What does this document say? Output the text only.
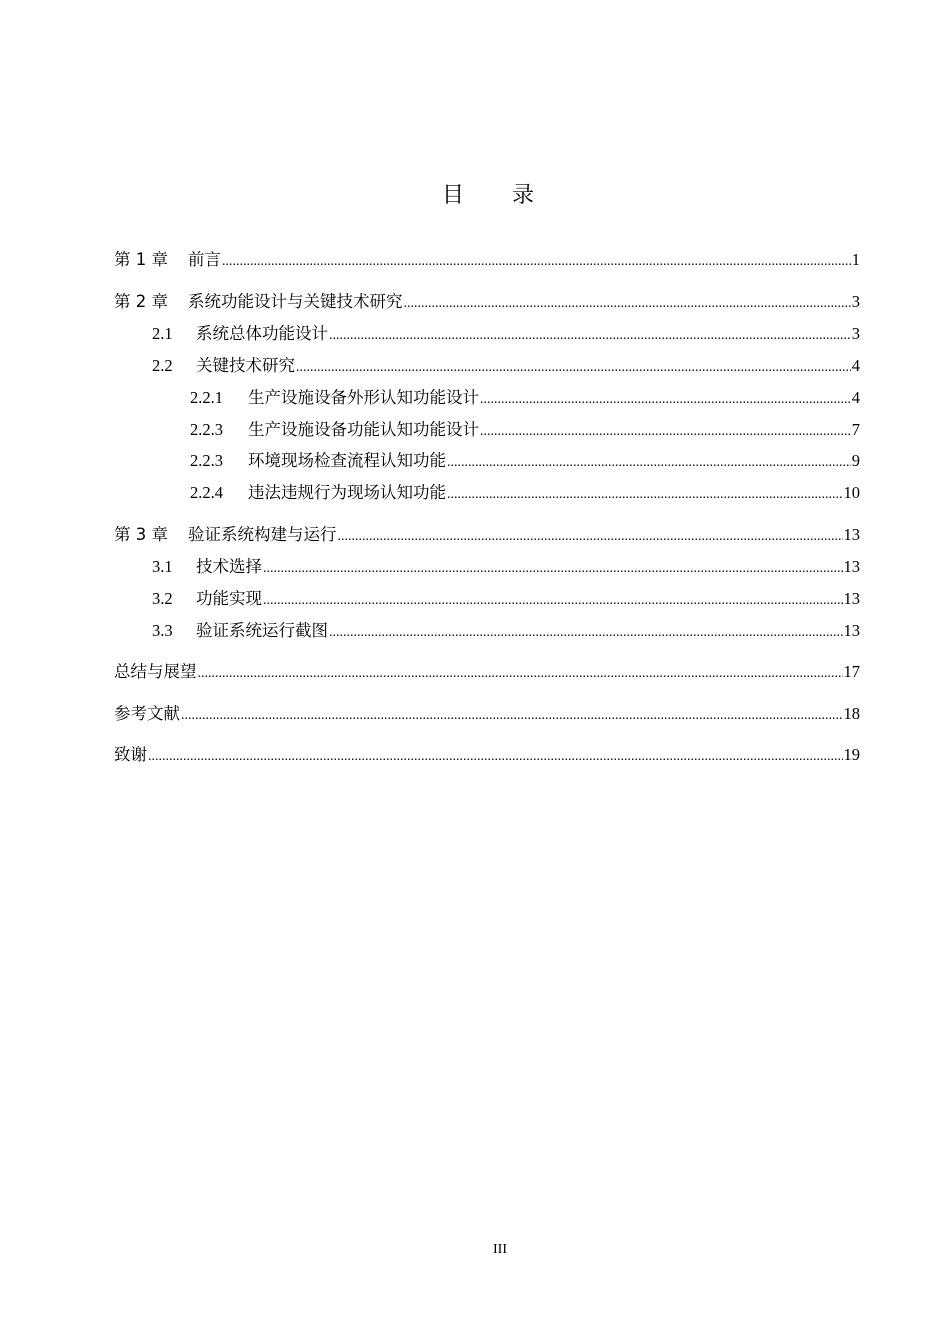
目 录
第 1 章	前言 .....	1
第 2 章	系统功能设计与关键技术研究 .....	3
2.1	系统总体功能设计 .....	3
2.2	关键技术研究 .....	4
2.2.1	生产设施设备外形认知功能设计 .....	4
2.2.3	生产设施设备功能认知功能设计 .....	7
2.2.3	环境现场检查流程认知功能 .....	9
2.2.4	违法违规行为现场认知功能 .....	10
第 3 章	验证系统构建与运行 .....	13
3.1	技术选择 .....	13
3.2	功能实现 .....	13
3.3	验证系统运行截图 .....	13
总结与展望 .....	17
参考文献 .....	18
致谢 .....	19
III
